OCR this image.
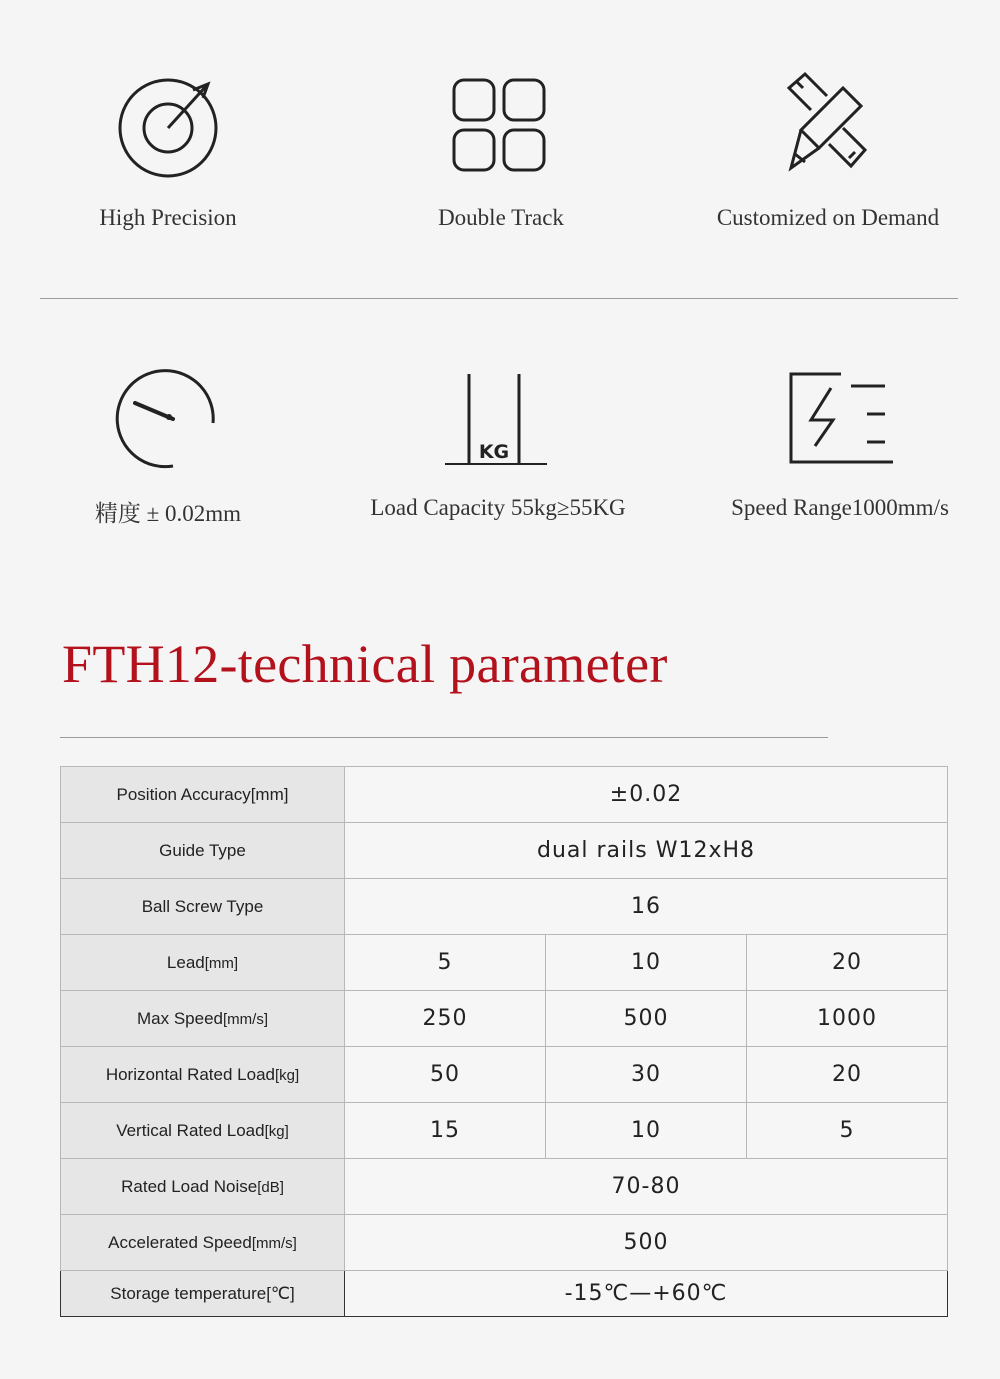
High Precision	Double Track	Customized on Demand
精度 ± 0.02mm
KG
Load Capacity 55kg≥55KG	Speed Range1000mm/s
FTH12-technical parameter
Position Accuracy[mm]	±0.02		
Guide Type	dual rails W12xH8		
Ball Screw Type	16		
Lead[mm]	5	10	20
Max Speed[mm/s]	250	500	1000
Horizontal Rated Load[kg]	50	30	20
Vertical Rated Load[kg]	15	10	5
Rated Load Noise[dB]	70-80		
Accelerated Speed[mm/s]	500		
Storage temperature[℃]	-15℃—+60℃		
